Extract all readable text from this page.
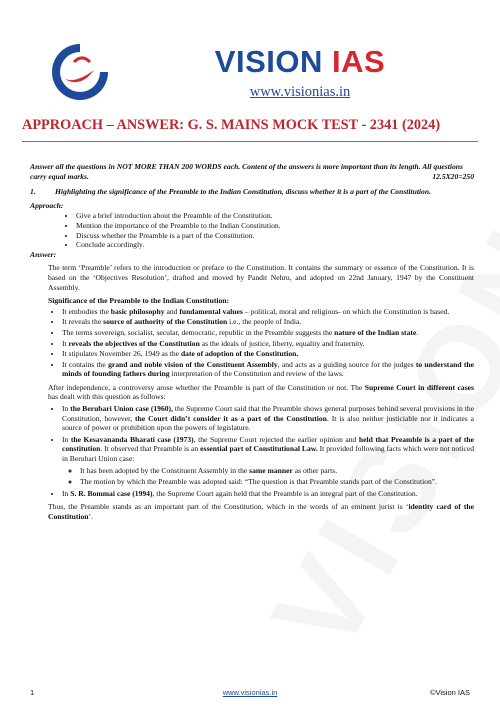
VISION IAS
www.visionias.in
APPROACH – ANSWER: G. S. MAINS MOCK TEST - 2341 (2024)

Answer all the questions in NOT MORE THAN 200 WORDS each. Content of the answers is more important than its length. All questions carry equal marks.	12.5X20=250

1.	Highlighting the significance of the Preamble to the Indian Constitution, discuss whether it is a part of the Constitution.
Approach:
• Give a brief introduction about the Preamble of the Constitution.
• Mention the importance of the Preamble to the Indian Constitution.
• Discuss whether the Preamble is a part of the Constitution.
• Conclude accordingly.
Answer:

The term ‘Preamble’ refers to the introduction or preface to the Constitution. It contains the summary or essence of the Constitution. It is based on the ‘Objectives Resolution’, drafted and moved by Pandit Nehru, and adopted on 22nd January, 1947 by the Constituent Assembly.

Significance of the Preamble to the Indian Constitution:
• It embodies the basic philosophy and fundamental values – political, moral and religious- on which the Constitution is based.
• It reveals the source of authority of the Constitution i.e., the people of India.
• The terms sovereign, socialist, secular, democratic, republic in the Preamble suggests the nature of the Indian state.
• It reveals the objectives of the Constitution as the ideals of justice, liberty, equality and fraternity.
• It stipulates November 26, 1949 as the date of adoption of the Constitution.
• It contains the grand and noble vision of the Constituent Assembly, and acts as a guiding source for the judges to understand the minds of founding fathers during interpretation of the Constitution and review of the laws.

After independence, a controversy arose whether the Preamble is part of the Constitution or not. The Supreme Court in different cases has dealt with this question as follows:

• In the Berubari Union case (1960), the Supreme Court said that the Preamble shows general purposes behind several provisions in the Constitution, however, the Court didn’t consider it as a part of the Constitution. It is also neither justiciable nor it indicates a source of power or prohibition upon the powers of legislature.
• In the Kesavananda Bharati case (1973), the Supreme Court rejected the earlier opinion and held that Preamble is a part of the constitution. It observed that Preamble is an essential part of Constitutional Law. It provided following facts which were not noticed in Berubari Union case:
◦ It has been adopted by the Constituent Assembly in the same manner as other parts.
◦ The motion by which the Preamble was adopted said: “The question is that Preamble stands part of the Constitution”.
• In S. R. Bommai case (1994), the Supreme Court again held that the Preamble is an integral part of the Constitution.

Thus, the Preamble stands as an important part of the Constitution, which in the words of an eminent jurist is ‘identity card of the Constitution’.

1	www.visionias.in	©Vision IAS
